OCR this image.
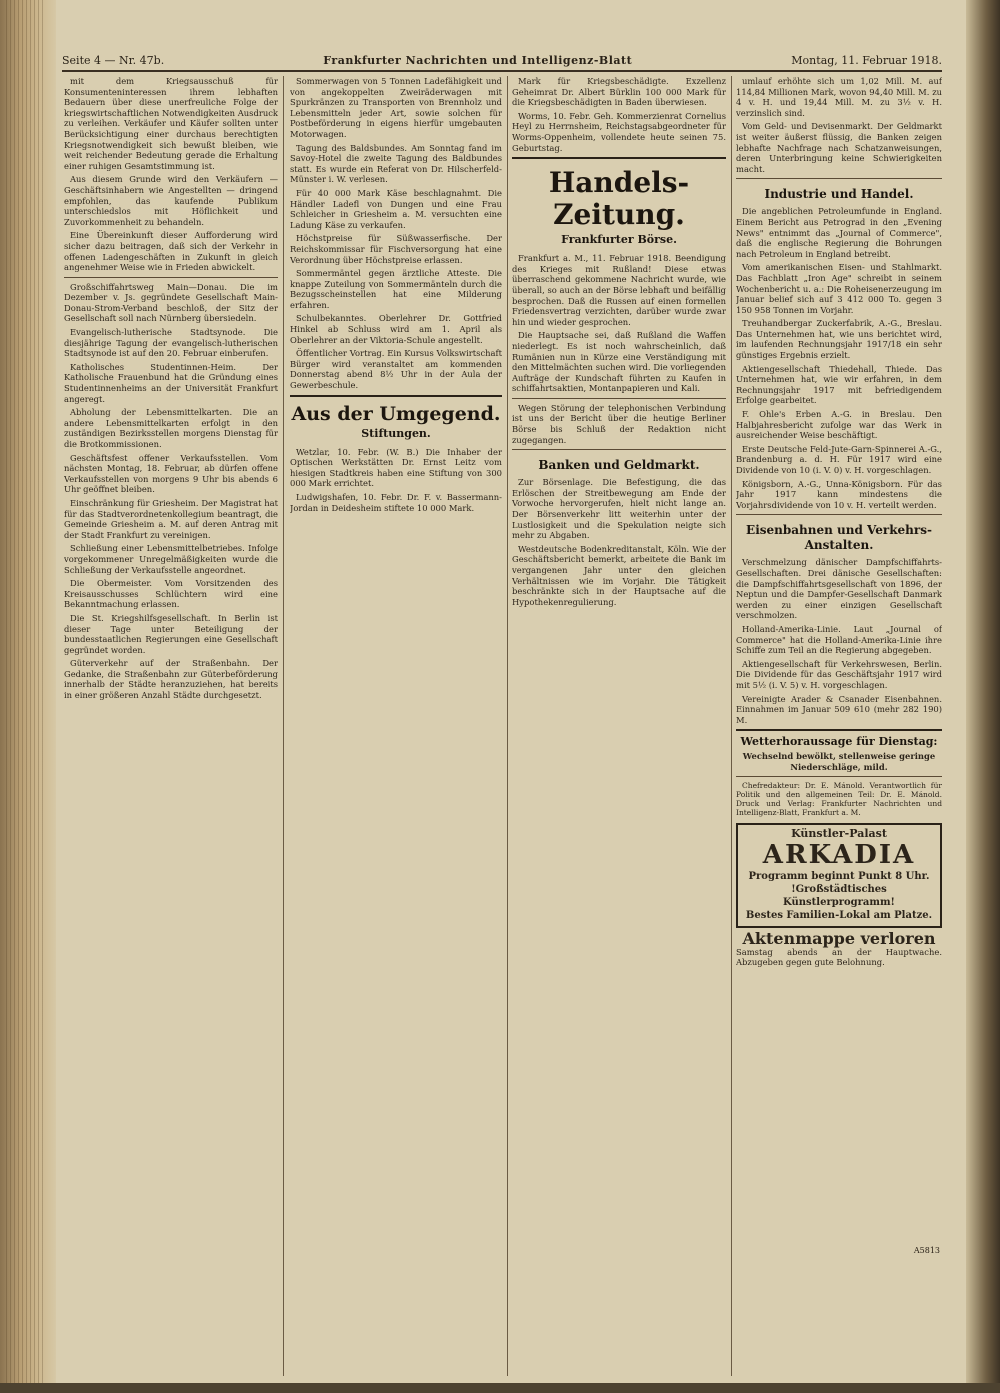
Seite 4 — Nr. 47b.	Frankfurter Nachrichten und Intelligenz-Blatt	Montag, 11. Februar 1918.

mit dem Kriegsausschuß für Konsumenteninteressen ihrem lebhaften Bedauern über diese unerfreuliche Folge der kriegswirtschaftlichen Notwendigkeiten Ausdruck zu verleihen. Verkäufer und Käufer sollten unter Berücksichtigung einer durchaus berechtigten Kriegsnotwendigkeit sich bewußt bleiben, wie weit reichender Bedeutung gerade die Erhaltung einer ruhigen Gesamtstimmung ist.

Aus diesem Grunde wird den Verkäufern — Geschäftsinhabern wie Angestellten — dringend empfohlen, das kaufende Publikum unterschiedslos mit Höflichkeit und Zuvorkommenheit zu behandeln.

Eine Übereinkunft dieser Aufforderung wird sicher dazu beitragen, daß sich der Verkehr in offenen Ladengeschäften in Zukunft in gleich angenehmer Weise wie in Frieden abwickelt.

Großschiffahrtsweg Main—Donau. Die im Dezember v. Js. gegründete Gesellschaft Main-Donau-Strom-Verband beschloß, der Sitz der Gesellschaft soll nach Nürnberg übersiedeln.

Evangelisch-lutherische Stadtsynode. Die diesjährige Tagung der evangelisch-lutherischen Stadtsynode ist auf den 20. Februar einberufen.

Katholisches Studentinnen-Heim. Der Katholische Frauenbund hat die Gründung eines Studentinnenheims an der Universität Frankfurt angeregt.

Abholung der Lebensmittelkarten. Die an andere Lebensmittelkarten erfolgt in den zuständigen Bezirksstellen morgens Dienstag für die Brotkommissionen.

Geschäftsfest offener Verkaufsstellen. Vom nächsten Montag, 18. Februar, ab dürfen offene Verkaufsstellen von morgens 9 Uhr bis abends 6 Uhr geöffnet bleiben.

Einschränkung für Griesheim. Der Magistrat hat für das Stadtverordnetenkollegium beantragt, die Gemeinde Griesheim a. M. auf deren Antrag mit der Stadt Frankfurt zu vereinigen.

Schließung einer Lebensmittelbetriebes. Infolge vorgekommener Unregelmäßigkeiten wurde die Schließung der Verkaufsstelle angeordnet.

Die Obermeister. Vom Vorsitzenden des Kreisausschusses Schlüchtern wird eine Bekanntmachung erlassen.

Die St. Kriegshilfsgesellschaft. In Berlin ist dieser Tage unter Beteiligung der bundesstaatlichen Regierungen eine Gesellschaft gegründet worden.

Güterverkehr auf der Straßenbahn. Der Gedanke, die Straßenbahn zur Güterbeförderung innerhalb der Städte heranzuziehen, hat bereits in einer größeren Anzahl Städte durchgesetzt.

Sommerwagen von 5 Tonnen Ladefähigkeit und von angekoppelten Zweiräderwagen mit Spurkränzen zu Transporten von Brennholz und Lebensmitteln jeder Art, sowie solchen für Postbeförderung in eigens hierfür umgebauten Motorwagen.

Tagung des Baldsbundes. Am Sonntag fand im Savoy-Hotel die zweite Tagung des Baldbundes statt. Es wurde ein Referat von Dr. Hilscherfeld-Münster i. W. verlesen.

Für 40 000 Mark Käse beschlagnahmt. Die Händler Ladefl von Dungen und eine Frau Schleicher in Griesheim a. M. versuchten eine Ladung Käse zu verkaufen.

Höchstpreise für Süßwasserfische. Der Reichskommissar für Fischversorgung hat eine Verordnung über Höchstpreise erlassen.

Sommermäntel gegen ärztliche Atteste. Die knappe Zuteilung von Sommermänteln durch die Bezugsscheinstellen hat eine Milderung erfahren.

Schulbekanntes. Oberlehrer Dr. Gottfried Hinkel ab Schluss wird am 1. April als Oberlehrer an der Viktoria-Schule angestellt.

Öffentlicher Vortrag. Ein Kursus Volkswirtschaft Bürger wird veranstaltet am kommenden Donnerstag abend 8½ Uhr in der Aula der Gewerbeschule.

Aus der Umgegend.
Stiftungen.

Wetzlar, 10. Febr. (W. B.) Die Inhaber der Optischen Werkstätten Dr. Ernst Leitz vom hiesigen Stadtkreis haben eine Stiftung von 300 000 Mark errichtet.

Ludwigshafen, 10. Febr. Dr. F. v. Bassermann-Jordan in Deidesheim stiftete 10 000 Mark.

Mark für Kriegsbeschädigte. Exzellenz Geheimrat Dr. Albert Bürklin 100 000 Mark für die Kriegsbeschädigten in Baden überwiesen.

Worms, 10. Febr. Geh. Kommerzienrat Cornelius Heyl zu Herrnsheim, Reichstagsabgeordneter für Worms-Oppenheim, vollendete heute seinen 75. Geburtstag.

Handels-Zeitung.
Frankfurter Börse.

Frankfurt a. M., 11. Februar 1918. Beendigung des Krieges mit Rußland! Diese etwas überraschend gekommene Nachricht wurde, wie überall, so auch an der Börse lebhaft und beifällig besprochen. Daß die Russen auf einen formellen Friedensvertrag verzichten, darüber wurde zwar hin und wieder gesprochen.

Die Hauptsache sei, daß Rußland die Waffen niederlegt. Es ist noch wahrscheinlich, daß Rumänien nun in Kürze eine Verständigung mit den Mittelmächten suchen wird. Die vorliegenden Aufträge der Kundschaft führten zu Kaufen in schiffahrtsaktien, Montanpapieren und Kali.

Wegen Störung der telephonischen Verbindung ist uns der Bericht über die heutige Berliner Börse bis Schluß der Redaktion nicht zugegangen.

Banken und Geldmarkt.

Zur Börsenlage. Die Befestigung, die das Erlöschen der Streitbewegung am Ende der Vorwoche hervorgerufen, hielt nicht lange an. Der Börsenverkehr litt weiterhin unter der Lustlosigkeit und die Spekulation neigte sich mehr zu Abgaben.

Westdeutsche Bodenkreditanstalt, Köln. Wie der Geschäftsbericht bemerkt, arbeitete die Bank im vergangenen Jahr unter den gleichen Verhältnissen wie im Vorjahr. Die Tätigkeit beschränkte sich in der Hauptsache auf die Hypothekenregulierung.

umlauf erhöhte sich um 1,02 Mill. M. auf 114,84 Millionen Mark, wovon 94,40 Mill. M. zu 4 v. H. und 19,44 Mill. M. zu 3½ v. H. verzinslich sind.

Vom Geld- und Devisenmarkt. Der Geldmarkt ist weiter äußerst flüssig, die Banken zeigen lebhafte Nachfrage nach Schatzanweisungen, deren Unterbringung keine Schwierigkeiten macht.

Industrie und Handel.

Die angeblichen Petroleumfunde in England. Einem Bericht aus Petrograd in den „Evening News" entnimmt das „Journal of Commerce", daß die englische Regierung die Bohrungen nach Petroleum in England betreibt.

Vom amerikanischen Eisen- und Stahlmarkt. Das Fachblatt „Iron Age" schreibt in seinem Wochenbericht u. a.: Die Roheisenerzeugung im Januar belief sich auf 3 412 000 To. gegen 3 150 958 Tonnen im Vorjahr.

Treuhandbergar Zuckerfabrik, A.-G., Breslau. Das Unternehmen hat, wie uns berichtet wird, im laufenden Rechnungsjahr 1917/18 ein sehr günstiges Ergebnis erzielt.

Aktiengesellschaft Thiedehall, Thiede. Das Unternehmen hat, wie wir erfahren, in dem Rechnungsjahr 1917 mit befriedigendem Erfolge gearbeitet.

F. Ohle's Erben A.-G. in Breslau. Den Halbjahresbericht zufolge war das Werk in ausreichender Weise beschäftigt.

Erste Deutsche Feld-Jute-Garn-Spinnerei A.-G., Brandenburg a. d. H. Für 1917 wird eine Dividende von 10 (i. V. 0) v. H. vorgeschlagen.

Königsborn, A.-G., Unna-Königsborn. Für das Jahr 1917 kann mindestens die Vorjahrsdividende von 10 v. H. verteilt werden.

Eisenbahnen und Verkehrs-Anstalten.

Verschmelzung dänischer Dampfschiffahrts-Gesellschaften. Drei dänische Gesellschaften: die Dampfschiffahrtsgesellschaft von 1896, der Neptun und die Dampfer-Gesellschaft Danmark werden zu einer einzigen Gesellschaft verschmolzen.

Holland-Amerika-Linie. Laut „Journal of Commerce" hat die Holland-Amerika-Linie ihre Schiffe zum Teil an die Regierung abgegeben.

Aktiengesellschaft für Verkehrswesen, Berlin. Die Dividende für das Geschäftsjahr 1917 wird mit 5½ (i. V. 5) v. H. vorgeschlagen.

Vereinigte Arader & Csanader Eisenbahnen. Einnahmen im Januar 509 610 (mehr 282 190) M.

Wetterhoraussage für Dienstag:

Wechselnd bewölkt, stellenweise geringe Niederschläge, mild.

Chefredakteur: Dr. E. Mánold. Verantwortlich für Politik und den allgemeinen Teil: Dr. E. Mánold. Druck und Verlag: Frankfurter Nachrichten und Intelligenz-Blatt, Frankfurt a. M.

Künstler-Palast
ARKADIA
Programm beginnt Punkt 8 Uhr.
!Großstädtisches Künstlerprogramm!
Bestes Familien-Lokal am Platze.
Aktenmappe verloren

Samstag abends an der Hauptwache. Abzugeben gegen gute Belohnung.

A5813
